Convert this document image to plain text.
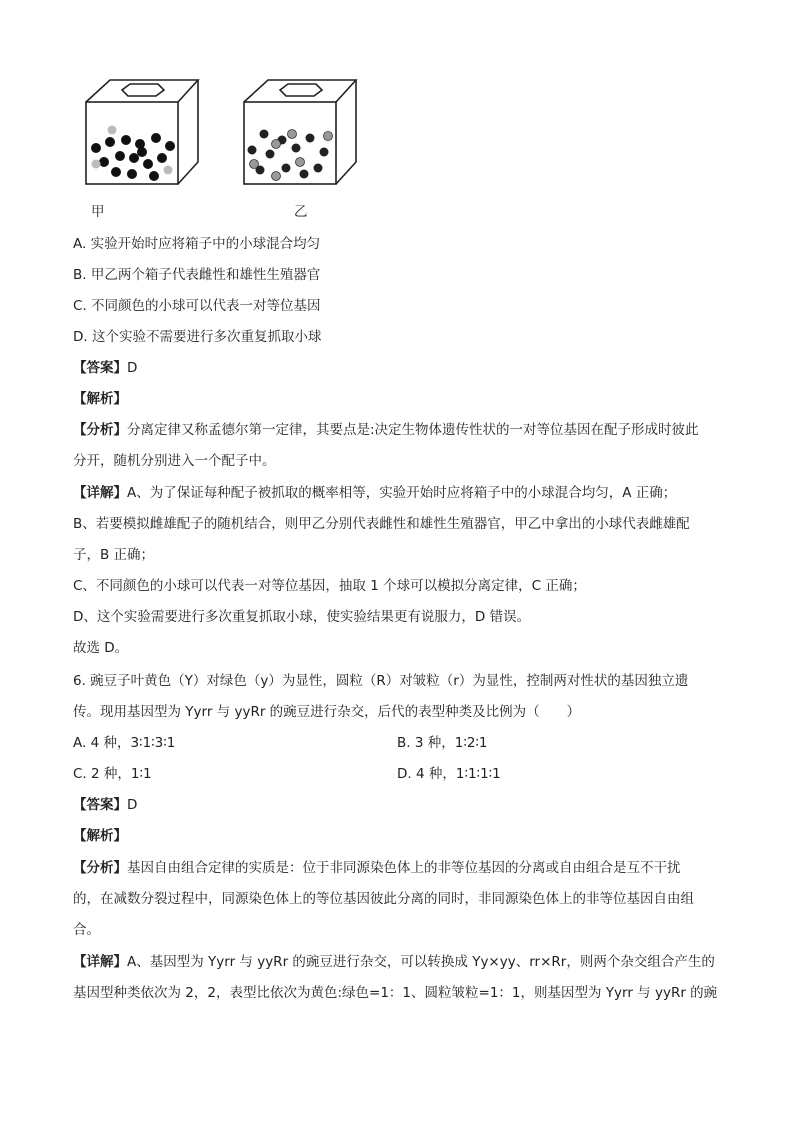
甲	乙
A. 实验开始时应将箱子中的小球混合均匀
B. 甲乙两个箱子代表雌性和雄性生殖器官
C. 不同颜色的小球可以代表一对等位基因
D. 这个实验不需要进行多次重复抓取小球
【答案】D
【解析】
【分析】分离定律又称孟德尔第一定律，其要点是:决定生物体遗传性状的一对等位基因在配子形成时彼此
分开，随机分别进入一个配子中。
【详解】A、为了保证每种配子被抓取的概率相等，实验开始时应将箱子中的小球混合均匀，A 正确；
B、若要模拟雌雄配子的随机结合，则甲乙分别代表雌性和雄性生殖器官，甲乙中拿出的小球代表雌雄配
子，B 正确；
C、不同颜色的小球可以代表一对等位基因，抽取 1 个球可以模拟分离定律，C 正确；
D、这个实验需要进行多次重复抓取小球，使实验结果更有说服力，D 错误。
故选 D。
6. 豌豆子叶黄色（Y）对绿色（y）为显性，圆粒（R）对皱粒（r）为显性，控制两对性状的基因独立遗
传。现用基因型为 Yyrr 与 yyRr 的豌豆进行杂交，后代的表型种类及比例为（　　）
A. 4 种，3∶1∶3∶1	B. 3 种，1∶2∶1
C. 2 种，1∶1	D. 4 种，1∶1∶1∶1
【答案】D
【解析】
【分析】基因自由组合定律的实质是：位于非同源染色体上的非等位基因的分离或自由组合是互不干扰
的，在减数分裂过程中，同源染色体上的等位基因彼此分离的同时，非同源染色体上的非等位基因自由组
合。
【详解】A、基因型为 Yyrr 与 yyRr 的豌豆进行杂交，可以转换成 Yy×yy、rr×Rr，则两个杂交组合产生的
基因型种类依次为 2，2，表型比依次为黄色:绿色=1：1、圆粒皱粒=1：1，则基因型为 Yyrr 与 yyRr 的豌
